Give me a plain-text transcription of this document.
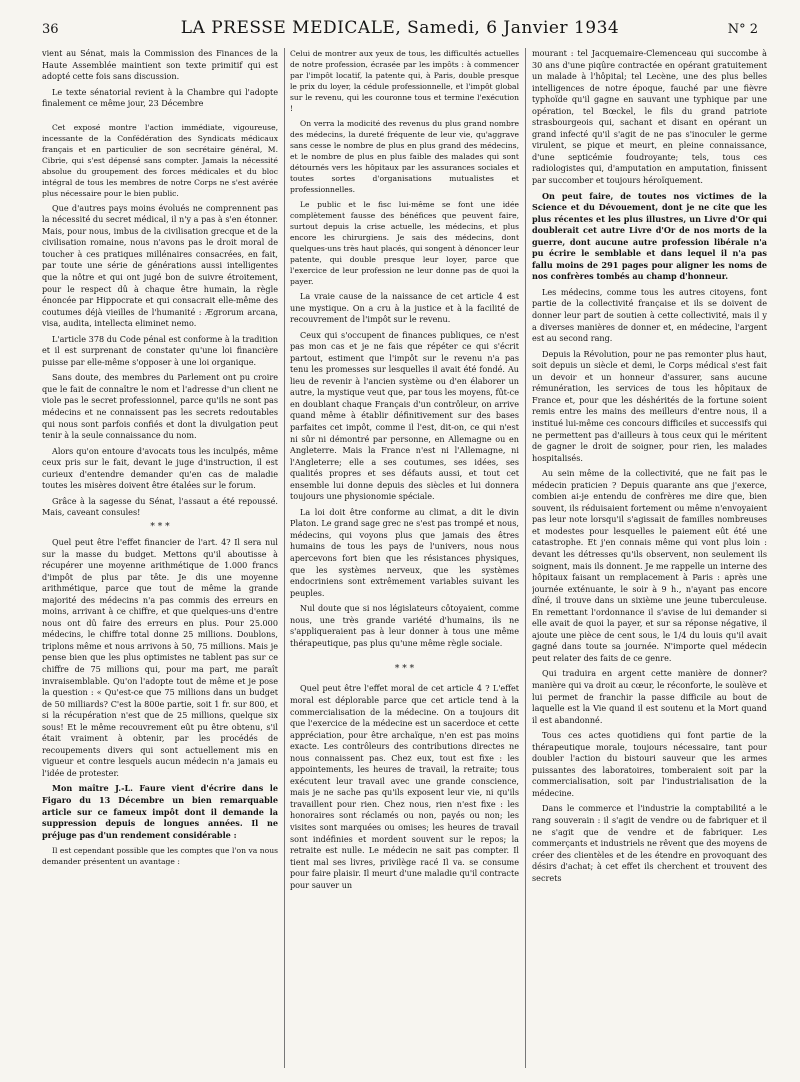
36	LA PRESSE MEDICALE, Samedi, 6 Janvier 1934	N° 2

vient au Sénat, mais la Commission des Finances de la Haute Assemblée maintient son texte primitif qui est adopté cette fois sans discussion.

Le texte sénatorial revient à la Chambre qui l'adopte finalement ce même jour, 23 Décembre

Cet exposé montre l'action immédiate, vigoureuse, incessante de la Confédération des Syndicats médicaux français et en particulier de son secrétaire général, M. Cibrie, qui s'est dépensé sans compter. Jamais la nécessité absolue du groupement des forces médicales et du bloc intégral de tous les membres de notre Corps ne s'est avérée plus nécessaire pour le bien public.

Que d'autres pays moins évolués ne comprennent pas la nécessité du secret médical, il n'y a pas à s'en étonner. Mais, pour nous, imbus de la civilisation grecque et de la civilisation romaine, nous n'avons pas le droit moral de toucher à ces pratiques millénaires consacrées, en fait, par toute une série de générations aussi intelligentes que la nôtre et qui ont jugé bon de suivre étroitement, pour le respect dû à chaque être humain, la règle énoncée par Hippocrate et qui consacrait elle-même des coutumes déjà vieilles de l'humanité : Ægrorum arcana, visa, audita, intellecta eliminet nemo.

L'article 378 du Code pénal est conforme à la tradition et il est surprenant de constater qu'une loi financière puisse par elle-même s'opposer à une loi organique.

Sans doute, des membres du Parlement ont pu croire que le fait de connaître le nom et l'adresse d'un client ne viole pas le secret professionnel, parce qu'ils ne sont pas médecins et ne connaissent pas les secrets redoutables qui nous sont parfois confiés et dont la divulgation peut tenir à la seule connaissance du nom.

Alors qu'on entoure d'avocats tous les inculpés, même ceux pris sur le fait, devant le juge d'instruction, il est curieux d'entendre demander qu'en cas de maladie toutes les misères doivent être étalées sur le forum.

Grâce à la sagesse du Sénat, l'assaut a été repoussé. Mais, caveant consules!

* * *

Quel peut être l'effet financier de l'art. 4? Il sera nul sur la masse du budget. Mettons qu'il aboutisse à récupérer une moyenne arithmétique de 1.000 francs d'impôt de plus par tête. Je dis une moyenne arithmétique, parce que tout de même la grande majorité des médecins n'a pas commis des erreurs en moins, arrivant à ce chiffre, et que quelques-uns d'entre nous ont dû faire des erreurs en plus. Pour 25.000 médecins, le chiffre total donne 25 millions. Doublons, triplons même et nous arrivons à 50, 75 millions. Mais je pense bien que les plus optimistes ne tablent pas sur ce chiffre de 75 millions qui, pour ma part, me paraît invraisemblable. Qu'on l'adopte tout de même et je pose la question : « Qu'est-ce que 75 millions dans un budget de 50 milliards? C'est la 800e partie, soit 1 fr. sur 800, et si la récupération n'est que de 25 millions, quelque six sous! Et le même recouvrement eût pu être obtenu, s'il était vraiment à obtenir, par les procédés de recoupements divers qui sont actuellement mis en vigueur et contre lesquels aucun médecin n'a jamais eu l'idée de protester.

Mon maître J.-L. Faure vient d'écrire dans le Figaro du 13 Décembre un bien remarquable article sur ce fameux impôt dont il demande la suppression depuis de longues années. Il ne préjuge pas d'un rendement considérable :

Il est cependant possible que les comptes que l'on va nous demander présentent un avantage :

Celui de montrer aux yeux de tous, les difficultés actuelles de notre profession, écrasée par les impôts : à commencer par l'impôt locatif, la patente qui, à Paris, double presque le prix du loyer, la cédule professionnelle, et l'impôt global sur le revenu, qui les couronne tous et termine l'exécution !

On verra la modicité des revenus du plus grand nombre des médecins, la dureté fréquente de leur vie, qu'aggrave sans cesse le nombre de plus en plus grand des médecins, et le nombre de plus en plus faible des malades qui sont détournés vers les hôpitaux par les assurances sociales et toutes sortes d'organisations mutualistes et professionnelles.

Le public et le fisc lui-même se font une idée complètement fausse des bénéfices que peuvent faire, surtout depuis la crise actuelle, les médecins, et plus encore les chirurgiens. Je sais des médecins, dont quelques-uns très haut placés, qui songent à dénoncer leur patente, qui double presque leur loyer, parce que l'exercice de leur profession ne leur donne pas de quoi la payer.

La vraie cause de la naissance de cet article 4 est une mystique. On a cru à la justice et à la facilité de recouvrement de l'impôt sur le revenu.

Ceux qui s'occupent de finances publiques, ce n'est pas mon cas et je ne fais que répéter ce qui s'écrit partout, estiment que l'impôt sur le revenu n'a pas tenu les promesses sur lesquelles il avait été fondé. Au lieu de revenir à l'ancien système ou d'en élaborer un autre, la mystique veut que, par tous les moyens, fût-ce en doublant chaque Français d'un contrôleur, on arrive quand même à établir définitivement sur des bases parfaites cet impôt, comme il l'est, dit-on, ce qui n'est ni sûr ni démontré par personne, en Allemagne ou en Angleterre. Mais la France n'est ni l'Allemagne, ni l'Angleterre; elle a ses coutumes, ses idées, ses qualités propres et ses défauts aussi, et tout cet ensemble lui donne depuis des siècles et lui donnera toujours une physionomie spéciale.

La loi doit être conforme au climat, a dit le divin Platon. Le grand sage grec ne s'est pas trompé et nous, médecins, qui voyons plus que jamais des êtres humains de tous les pays de l'univers, nous nous apercevons fort bien que les résistances physiques, que les systèmes nerveux, que les systèmes endocriniens sont extrêmement variables suivant les peuples.

Nul doute que si nos législateurs côtoyaient, comme nous, une très grande variété d'humains, ils ne s'appliqueraient pas à leur donner à tous une même thérapeutique, pas plus qu'une même règle sociale.

* * *

Quel peut être l'effet moral de cet article 4 ? L'effet moral est déplorable parce que cet article tend à la commercialisation de la médecine. On a toujours dit que l'exercice de la médecine est un sacerdoce et cette appréciation, pour être archaïque, n'en est pas moins exacte. Les contrôleurs des contributions directes ne nous connaissent pas. Chez eux, tout est fixe : les appointements, les heures de travail, la retraite; tous exécutent leur travail avec une grande conscience, mais je ne sache pas qu'ils exposent leur vie, ni qu'ils travaillent pour rien. Chez nous, rien n'est fixe : les honoraires sont réclamés ou non, payés ou non; les visites sont marquées ou omises; les heures de travail sont indéfinies et mordent souvent sur le repos; la retraite est nulle. Le médecin ne sait pas compter. Il tient mal ses livres, privilège racé Il va. se consume pour faire plaisir. Il meurt d'une maladie qu'il contracte pour sauver un

mourant : tel Jacquemaire-Clemenceau qui succombe à 30 ans d'une piqûre contractée en opérant gratuitement un malade à l'hôpital; tel Lecène, une des plus belles intelligences de notre époque, fauché par une fièvre typhoïde qu'il gagne en sauvant une typhique par une opération, tel Bœckel, le fils du grand patriote strasbourgeois qui, sachant et disant en opérant un grand infecté qu'il s'agit de ne pas s'inoculer le germe virulent, se pique et meurt, en pleine connaissance, d'une septicémie foudroyante; tels, tous ces radiologistes qui, d'amputation en amputation, finissent par succomber et toujours héroïquement.

On peut faire, de toutes nos victimes de la Science et du Dévouement, dont je ne cite que les plus récentes et les plus illustres, un Livre d'Or qui doublerait cet autre Livre d'Or de nos morts de la guerre, dont aucune autre profession libérale n'a pu écrire le semblable et dans lequel il n'a pas fallu moins de 291 pages pour aligner les noms de nos confrères tombés au champ d'honneur.

Les médecins, comme tous les autres citoyens, font partie de la collectivité française et ils se doivent de donner leur part de soutien à cette collectivité, mais il y a diverses manières de donner et, en médecine, l'argent est au second rang.

Depuis la Révolution, pour ne pas remonter plus haut, soit depuis un siècle et demi, le Corps médical s'est fait un devoir et un honneur d'assurer, sans aucune rémunération, les services de tous les hôpitaux de France et, pour que les déshérités de la fortune soient remis entre les mains des meilleurs d'entre nous, il a institué lui-même ces concours difficiles et successifs qui ne permettent pas d'ailleurs à tous ceux qui le méritent de gagner le droit de soigner, pour rien, les malades hospitalisés.

Au sein même de la collectivité, que ne fait pas le médecin praticien ? Depuis quarante ans que j'exerce, combien ai-je entendu de confrères me dire que, bien souvent, ils réduisaient fortement ou même n'envoyaient pas leur note lorsqu'il s'agissait de familles nombreuses et modestes pour lesquelles le paiement eût été une catastrophe. Et j'en connais même qui vont plus loin : devant les détresses qu'ils observent, non seulement ils soignent, mais ils donnent. Je me rappelle un interne des hôpitaux faisant un remplacement à Paris : après une journée exténuante, le soir à 9 h., n'ayant pas encore dîné, il trouve dans un sixième une jeune tuberculeuse. En remettant l'ordonnance il s'avise de lui demander si elle avait de quoi la payer, et sur sa réponse négative, il ajoute une pièce de cent sous, le 1/4 du louis qu'il avait gagné dans toute sa journée. N'importe quel médecin peut relater des faits de ce genre.

Qui traduira en argent cette manière de donner? manière qui va droit au cœur, le réconforte, le soulève et lui permet de franchir la passe difficile au bout de laquelle est la Vie quand il est soutenu et la Mort quand il est abandonné.

Tous ces actes quotidiens qui font partie de la thérapeutique morale, toujours nécessaire, tant pour doubler l'action du bistouri sauveur que les armes puissantes des laboratoires, tomberaient soit par la commercialisation, soit par l'industrialisation de la médecine.

Dans le commerce et l'industrie la comptabilité a le rang souverain : il s'agit de vendre ou de fabriquer et il ne s'agit que de vendre et de fabriquer. Les commerçants et industriels ne rêvent que des moyens de créer des clientèles et de les étendre en provoquant des désirs d'achat; à cet effet ils cherchent et trouvent des secrets
